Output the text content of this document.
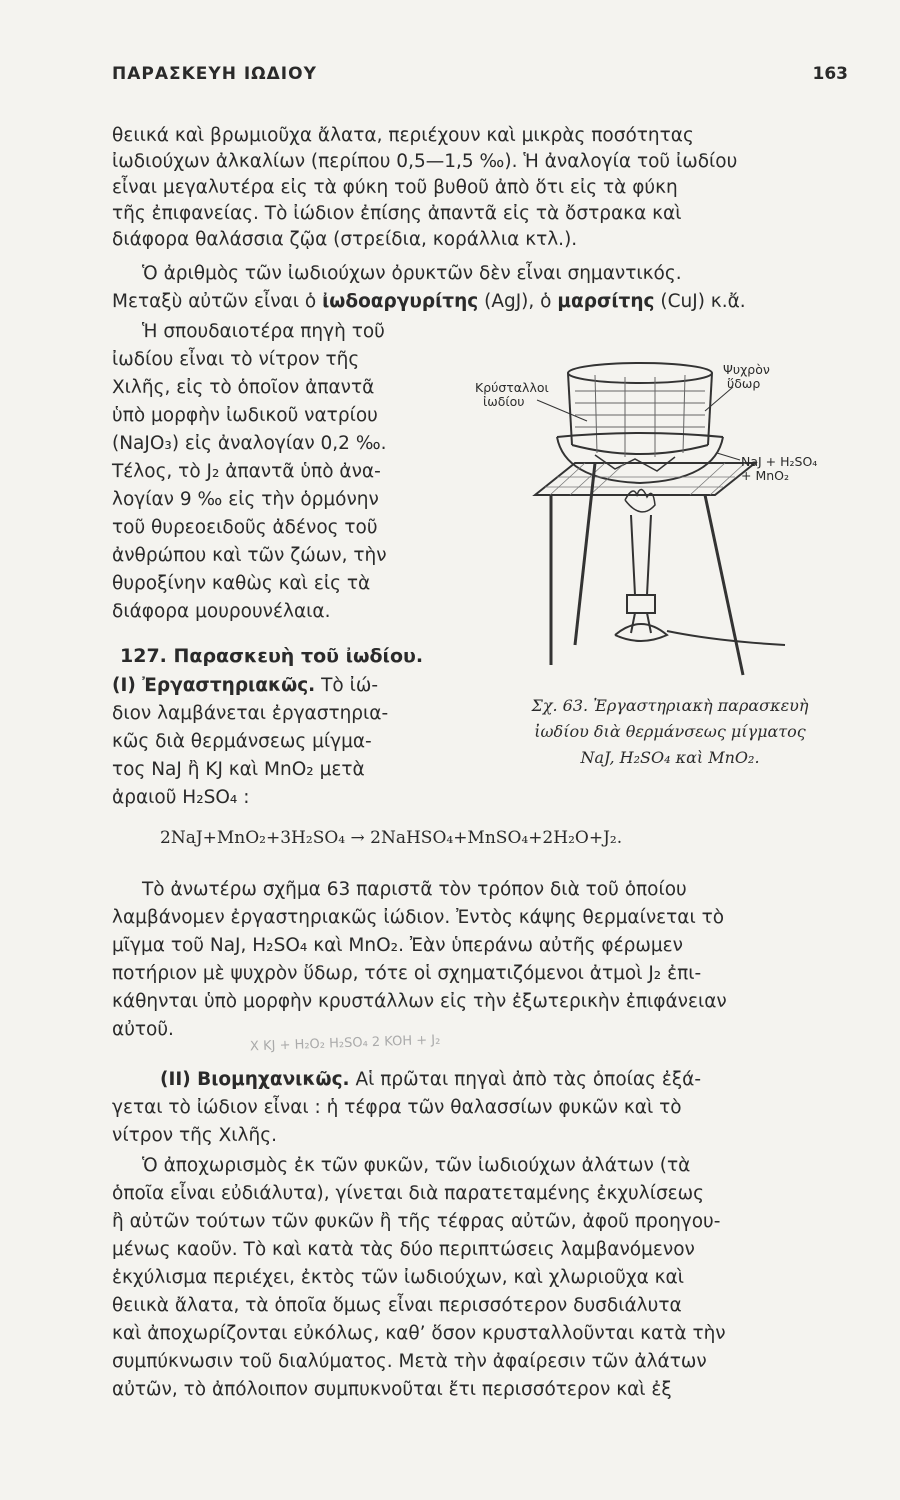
ΠΑΡΑΣΚΕΥΗ ΙΩΔΙΟΥ	163
θειικά καὶ βρωμιοῦχα ἄλατα, περιέχουν καὶ μικρὰς ποσότητας
ἰωδιούχων ἀλκαλίων (περίπου 0,5—1,5 ‰). Ἡ ἀναλογία τοῦ ἰωδίου
εἶναι μεγαλυτέρα εἰς τὰ φύκη τοῦ βυθοῦ ἀπὸ ὅτι εἰς τὰ φύκη
τῆς ἐπιφανείας. Τὸ ἰώδιον ἐπίσης ἀπαντᾶ εἰς τὰ ὄστρακα καὶ
διάφορα θαλάσσια ζῷα (στρείδια, κοράλλια κτλ.).
Ὁ ἀριθμὸς τῶν ἰωδιούχων ὀρυκτῶν δὲν εἶναι σημαντικός.
Μεταξὺ αὐτῶν εἶναι ὁ ἰωδοαργυρίτης (AgJ), ὁ μαρσίτης (CuJ) κ.ἄ.
Ἡ σπουδαιοτέρα πηγὴ τοῦ
ἰωδίου εἶναι τὸ νίτρον τῆς
Χιλῆς, εἰς τὸ ὁποῖον ἀπαντᾶ
ὑπὸ μορφὴν ἰωδικοῦ νατρίου
(NaJO₃) εἰς ἀναλογίαν 0,2 ‰.
Τέλος, τὸ J₂ ἀπαντᾶ ὑπὸ ἀνα-
λογίαν 9 ‰ εἰς τὴν ὁρμόνην
τοῦ θυρεοειδοῦς ἀδένος τοῦ
ἀνθρώπου καὶ τῶν ζώων, τὴν
θυροξίνην καθὼς καὶ εἰς τὰ
διάφορα μουρουνέλαια.
127. Παρασκευὴ τοῦ ἰωδίου.
(I) Ἐργαστηριακῶς. Τὸ ἰώ-
διον λαμβάνεται ἐργαστηρια-
κῶς διὰ θερμάνσεως μίγμα-
τος NaJ ἢ KJ καὶ MnO₂ μετὰ
ἀραιοῦ H₂SO₄ :
Κρύσταλλοι
ἰωδίου
Ψυχρὸν
ὕδωρ
NaJ + H₂SO₄
+ MnO₂
Σχ. 63. Ἐργαστηριακὴ παρασκευὴ
ἰωδίου διὰ θερμάνσεως μίγματος
NaJ, H₂SO₄ καὶ MnO₂.
2NaJ+MnO₂+3H₂SO₄ → 2NaHSO₄+MnSO₄+2H₂O+J₂.
Τὸ ἀνωτέρω σχῆμα 63 παριστᾶ τὸν τρόπον διὰ τοῦ ὁποίου
λαμβάνομεν ἐργαστηριακῶς ἰώδιον. Ἐντὸς κάψης θερμαίνεται τὸ
μῖγμα τοῦ NaJ, H₂SO₄ καὶ MnO₂. Ἐὰν ὑπεράνω αὐτῆς φέρωμεν
ποτήριον μὲ ψυχρὸν ὕδωρ, τότε οἱ σχηματιζόμενοι ἀτμοὶ J₂ ἐπι-
κάθηνται ὑπὸ μορφὴν κρυστάλλων εἰς τὴν ἐξωτερικὴν ἐπιφάνειαν
αὐτοῦ.
X KJ + H₂O₂ H₂SO₄ 2 KOH + J₂
(II) Βιομηχανικῶς. Αἱ πρῶται πηγαὶ ἀπὸ τὰς ὁποίας ἐξά-
γεται τὸ ἰώδιον εἶναι : ἡ τέφρα τῶν θαλασσίων φυκῶν καὶ τὸ
νίτρον τῆς Χιλῆς.
Ὁ ἀποχωρισμὸς ἐκ τῶν φυκῶν, τῶν ἰωδιούχων ἀλάτων (τὰ
ὁποῖα εἶναι εὐδιάλυτα), γίνεται διὰ παρατεταμένης ἐκχυλίσεως
ἢ αὐτῶν τούτων τῶν φυκῶν ἢ τῆς τέφρας αὐτῶν, ἀφοῦ προηγου-
μένως καοῦν. Τὸ καὶ κατὰ τὰς δύο περιπτώσεις λαμβανόμενον
ἐκχύλισμα περιέχει, ἐκτὸς τῶν ἰωδιούχων, καὶ χλωριοῦχα καὶ
θειικὰ ἄλατα, τὰ ὁποῖα ὅμως εἶναι περισσότερον δυσδιάλυτα
καὶ ἀποχωρίζονται εὐκόλως, καθ’ ὅσον κρυσταλλοῦνται κατὰ τὴν
συμπύκνωσιν τοῦ διαλύματος. Μετὰ τὴν ἀφαίρεσιν τῶν ἀλάτων
αὐτῶν, τὸ ἀπόλοιπον συμπυκνοῦται ἔτι περισσότερον καὶ ἐξ
